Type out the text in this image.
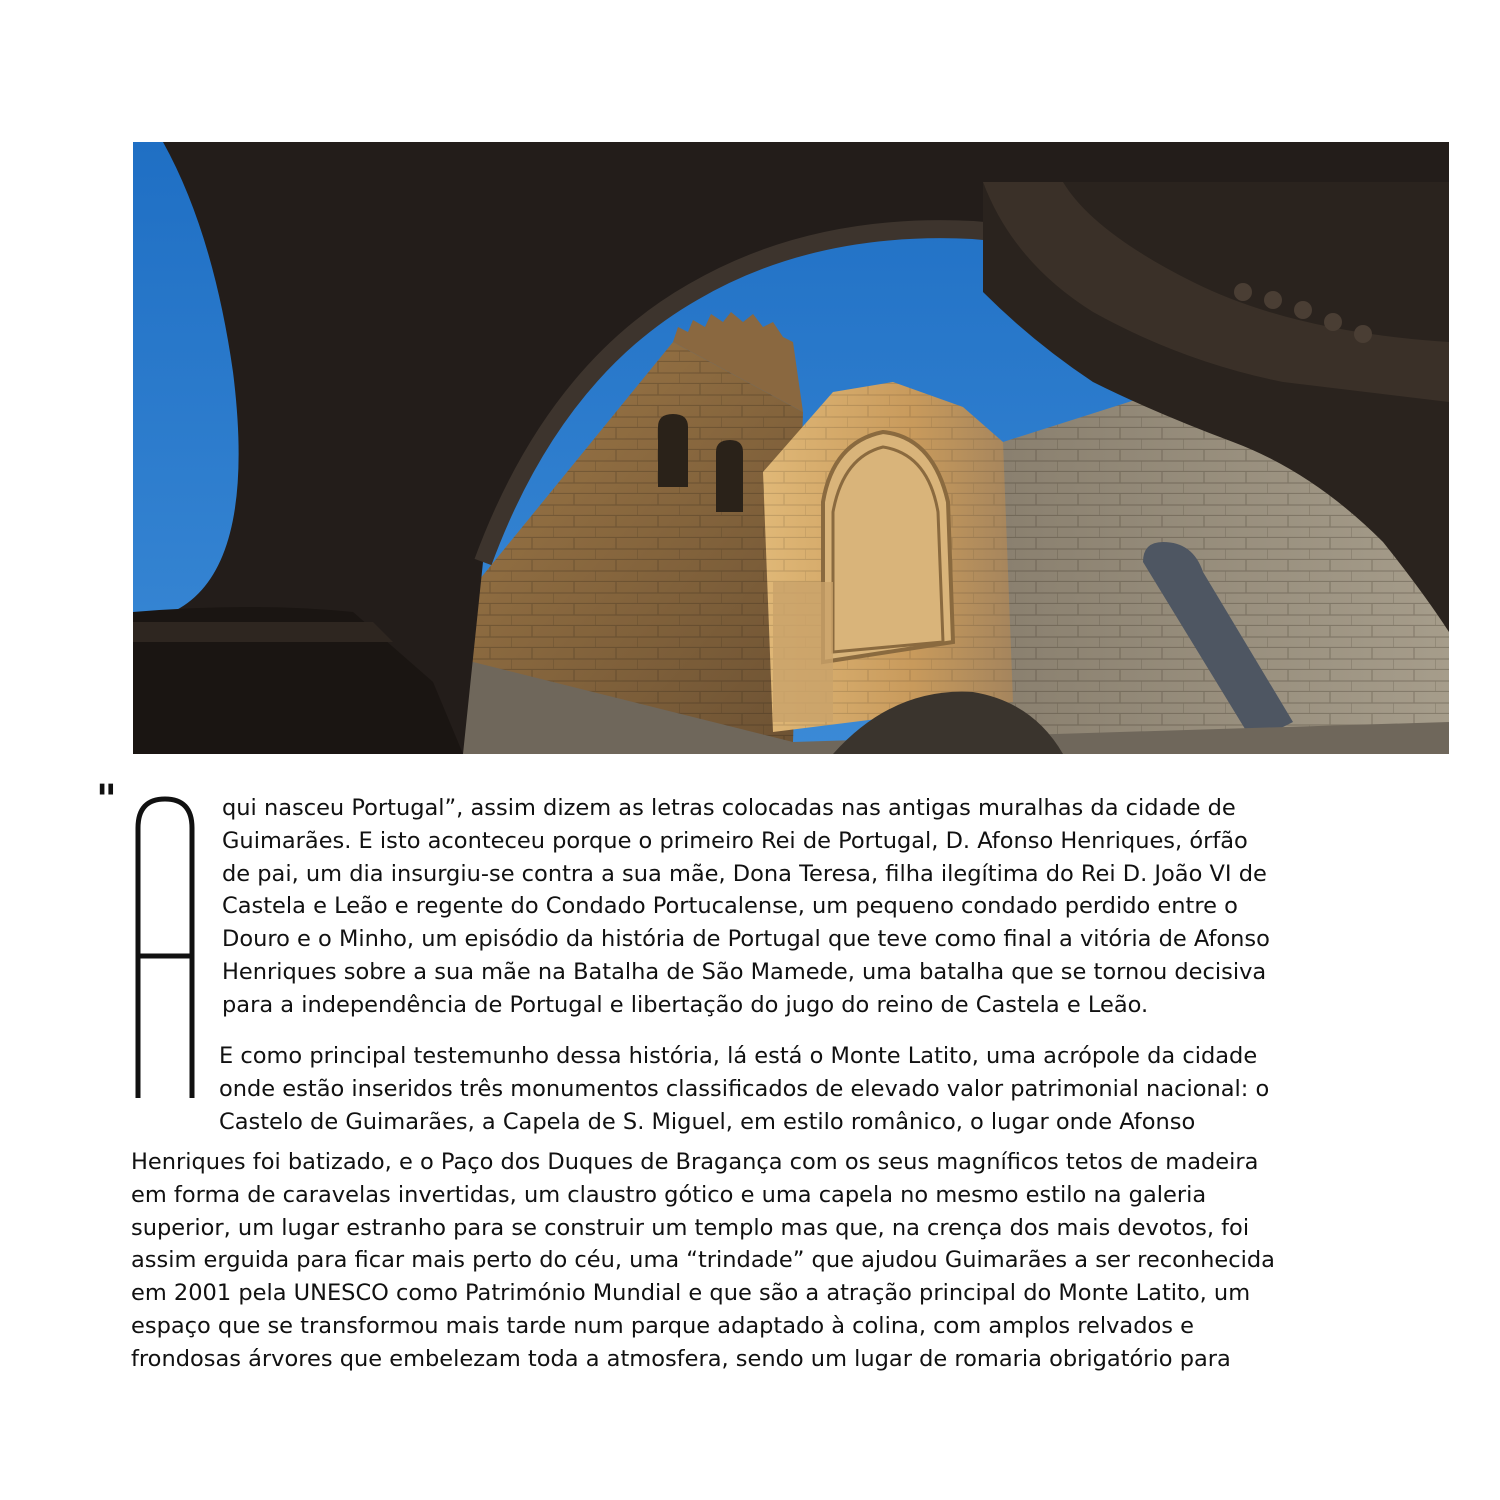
"	qui nasceu Portugal”, assim dizem as letras colocadas nas antigas muralhas da cidade de
Guimarães. E isto aconteceu porque o primeiro Rei de Portugal, D. Afonso Henriques, órfão
de pai, um dia insurgiu-se contra a sua mãe, Dona Teresa, filha ilegítima do Rei D. João VI de
Castela e Leão e regente do Condado Portucalense, um pequeno condado perdido entre o
Douro e o Minho, um episódio da história de Portugal que teve como final a vitória de Afonso
Henriques sobre a sua mãe na Batalha de São Mamede, uma batalha que se tornou decisiva
para a independência de Portugal e libertação do jugo do reino de Castela e Leão.
E como principal testemunho dessa história, lá está o Monte Latito, uma acrópole da cidade
onde estão inseridos três monumentos classificados de elevado valor patrimonial nacional: o
Castelo de Guimarães, a Capela de S. Miguel, em estilo românico, o lugar onde Afonso
Henriques foi batizado, e o Paço dos Duques de Bragança com os seus magníficos tetos de madeira
em forma de caravelas invertidas, um claustro gótico e uma capela no mesmo estilo na galeria
superior, um lugar estranho para se construir um templo mas que, na crença dos mais devotos, foi
assim erguida para ficar mais perto do céu, uma “trindade” que ajudou Guimarães a ser reconhecida
em 2001 pela UNESCO como Património Mundial e que são a atração principal do Monte Latito, um
espaço que se transformou mais tarde num parque adaptado à colina, com amplos relvados e
frondosas árvores que embelezam toda a atmosfera, sendo um lugar de romaria obrigatório para
